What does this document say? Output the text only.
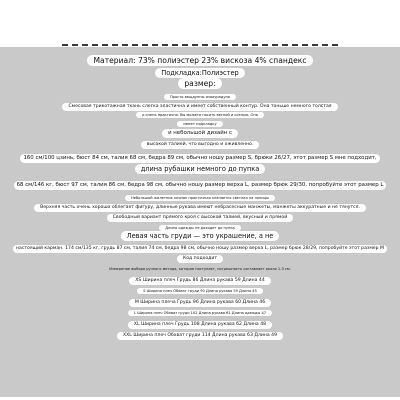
Материал: 73% полиэстер 23% вискоза 4% спандекс
Подкладка:Полиэстер
размер:
Просто вещдунны изоаурадуна
Смесовая трикотажная ткань слегка эластична и имеет собственный контур. Она тоньше немного толстая
и очень практична. Вы можете носить весной и осенью. Она
имеет подкладку
и небольшой дизайн с
высокой талией, что выгодно и оживленно.
160 см/100 цзинь, бюст 84 см, талия 68 см, бедра 89 см, обычно ношу размер S, брюки 26/27, этот размер S мне подходит,
длина рубашки немного до пупка
68 см/146 кг, бюст 97 см, талия 86 см, бедра 98 см, обычно ношу размер верха L, размер брюк 29/30, попробуйте этот размер L
Небольшой жилетник хлопок практичная кланяется светлая на лоницы
Верхняя часть очень хорошо облегает фигуру, длинные рукава имеют небрасесные манжеты, манжеты аккуратные и не тянутся.
Свободный вариант прямого кроя с высокой талией, вкусный и прямой
Длина одежды не доходит до пупка
Левая часть груди — это украшение, а не
настоящий карман. 174 см/135 кг, грудь 87 см, талия 74 см, бедра 98 см, обычно ношу размер верха L, размер брюк 28/29, попробуйте этот размер M
Код подходит
Измерение выбора ручного метода, которое поступает, погрешность составляет около 1-3 см.
XS Ширина плеч Грудь 86 Длина рукава 59 Длина 44
S Ширина плеч Обхват груди 90 Длина рукава 59 Длина 45
M Ширина плеча Грудь 96 Длина рукава 60 Длина 46
L Ширина плеч Обхват груди 102 Длина рукава 61 Длина одежды 47
XL Ширина плеч Грудь 108 Длина рукава 62 Длина 48
XXL Ширина плеч Обхват груди 114 Длина рукава 63 Длина 49
